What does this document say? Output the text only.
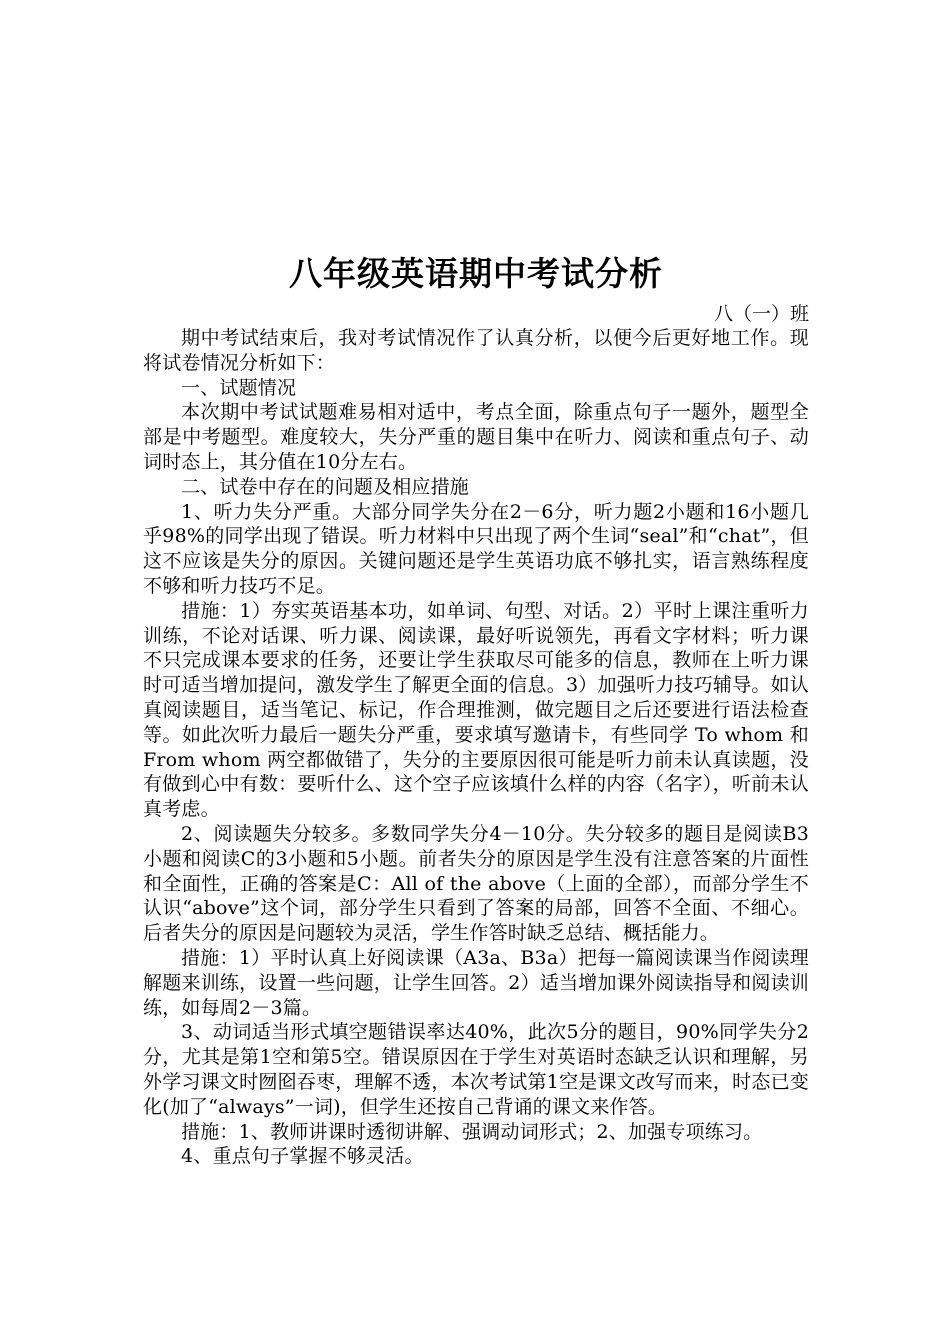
八年级英语期中考试分析

八（一）班

期中考试结束后，我对考试情况作了认真分析，以便今后更好地工作。现将试卷情况分析如下：

一、试题情况

本次期中考试试题难易相对适中，考点全面，除重点句子一题外，题型全部是中考题型。难度较大，失分严重的题目集中在听力、阅读和重点句子、动词时态上，其分值在10分左右。

二、试卷中存在的问题及相应措施

1、听力失分严重。大部分同学失分在2－6分，听力题2小题和16小题几乎98%的同学出现了错误。听力材料中只出现了两个生词“seal”和“chat”，但这不应该是失分的原因。关键问题还是学生英语功底不够扎实，语言熟练程度不够和听力技巧不足。

措施：1）夯实英语基本功，如单词、句型、对话。2）平时上课注重听力训练，不论对话课、听力课、阅读课，最好听说领先，再看文字材料；听力课不只完成课本要求的任务，还要让学生获取尽可能多的信息，教师在上听力课时可适当增加提问，激发学生了解更全面的信息。3）加强听力技巧辅导。如认真阅读题目，适当笔记、标记，作合理推测，做完题目之后还要进行语法检查等。如此次听力最后一题失分严重，要求填写邀请卡，有些同学 To whom 和 From whom 两空都做错了，失分的主要原因很可能是听力前未认真读题，没有做到心中有数：要听什么、这个空子应该填什么样的内容（名字），听前未认真考虑。

2、阅读题失分较多。多数同学失分4－10分。失分较多的题目是阅读B3小题和阅读C的3小题和5小题。前者失分的原因是学生没有注意答案的片面性和全面性，正确的答案是C：All of the above（上面的全部），而部分学生不认识“above”这个词，部分学生只看到了答案的局部，回答不全面、不细心。后者失分的原因是问题较为灵活，学生作答时缺乏总结、概括能力。

措施：1）平时认真上好阅读课（A3a、B3a）把每一篇阅读课当作阅读理解题来训练，设置一些问题，让学生回答。2）适当增加课外阅读指导和阅读训练，如每周2－3篇。

3、动词适当形式填空题错误率达40%，此次5分的题目，90%同学失分2分，尤其是第1空和第5空。错误原因在于学生对英语时态缺乏认识和理解，另外学习课文时囫囵吞枣，理解不透，本次考试第1空是课文改写而来，时态已变化(加了“always”一词)，但学生还按自己背诵的课文来作答。

措施：1、教师讲课时透彻讲解、强调动词形式；2、加强专项练习。

4、重点句子掌握不够灵活。
